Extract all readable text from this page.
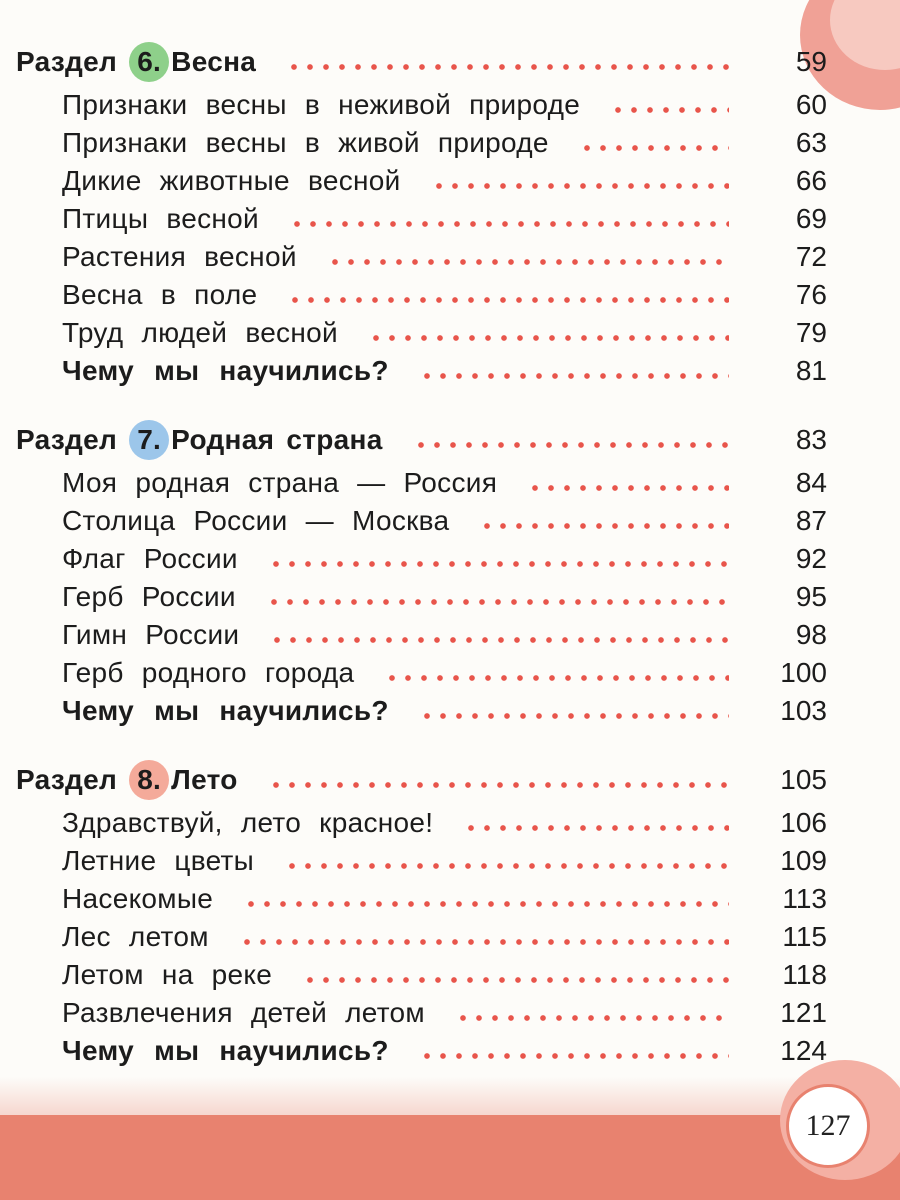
Раздел 6. Весна	59
Признаки весны в неживой природе	60
Признаки весны в живой природе	63
Дикие животные весной	66
Птицы весной	69
Растения весной	72
Весна в поле	76
Труд людей весной	79
Чему мы научились?	81
Раздел 7. Родная страна	83
Моя родная страна — Россия	84
Столица России — Москва	87
Флаг России	92
Герб России	95
Гимн России	98
Герб родного города	100
Чему мы научились?	103
Раздел 8. Лето	105
Здравствуй, лето красное!	106
Летние цветы	109
Насекомые	113
Лес летом	115
Летом на реке	118
Развлечения детей летом	121
Чему мы научились?	124
127
